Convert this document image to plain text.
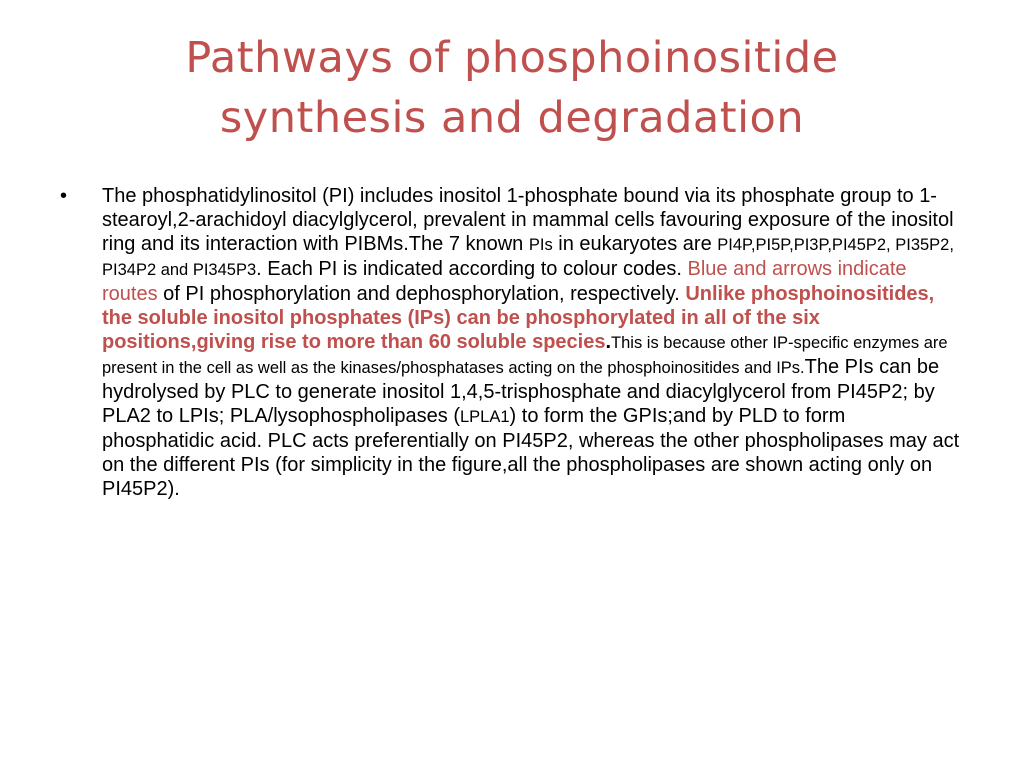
Pathways of phosphoinositide
synthesis and degradation
•	The phosphatidylinositol (PI) includes inositol 1-phosphate bound via its phosphate group to 1-stearoyl,2-arachidoyl diacylglycerol, prevalent in mammal cells favouring exposure of the inositol ring and its interaction with PIBMs.The 7 known PIs in eukaryotes are PI4P,PI5P,PI3P,PI45P2, PI35P2, PI34P2 and PI345P3. Each PI is indicated according to colour codes. Blue and arrows indicate routes of PI phosphorylation and dephosphorylation, respectively. Unlike phosphoinositides, the soluble inositol phosphates (IPs) can be phosphorylated in all of the six positions,giving rise to more than 60 soluble species.This is because other IP-specific enzymes are present in the cell as well as the kinases/phosphatases acting on the phosphoinositides and IPs.The PIs can be hydrolysed by PLC to generate inositol 1,4,5-trisphosphate and diacylglycerol from PI45P2; by PLA2 to LPIs; PLA/lysophospholipases (LPLA1) to form the GPIs;and by PLD to form phosphatidic acid. PLC acts preferentially on PI45P2, whereas the other phospholipases may act on the different PIs (for simplicity in the figure,all the phospholipases are shown acting only on PI45P2).
